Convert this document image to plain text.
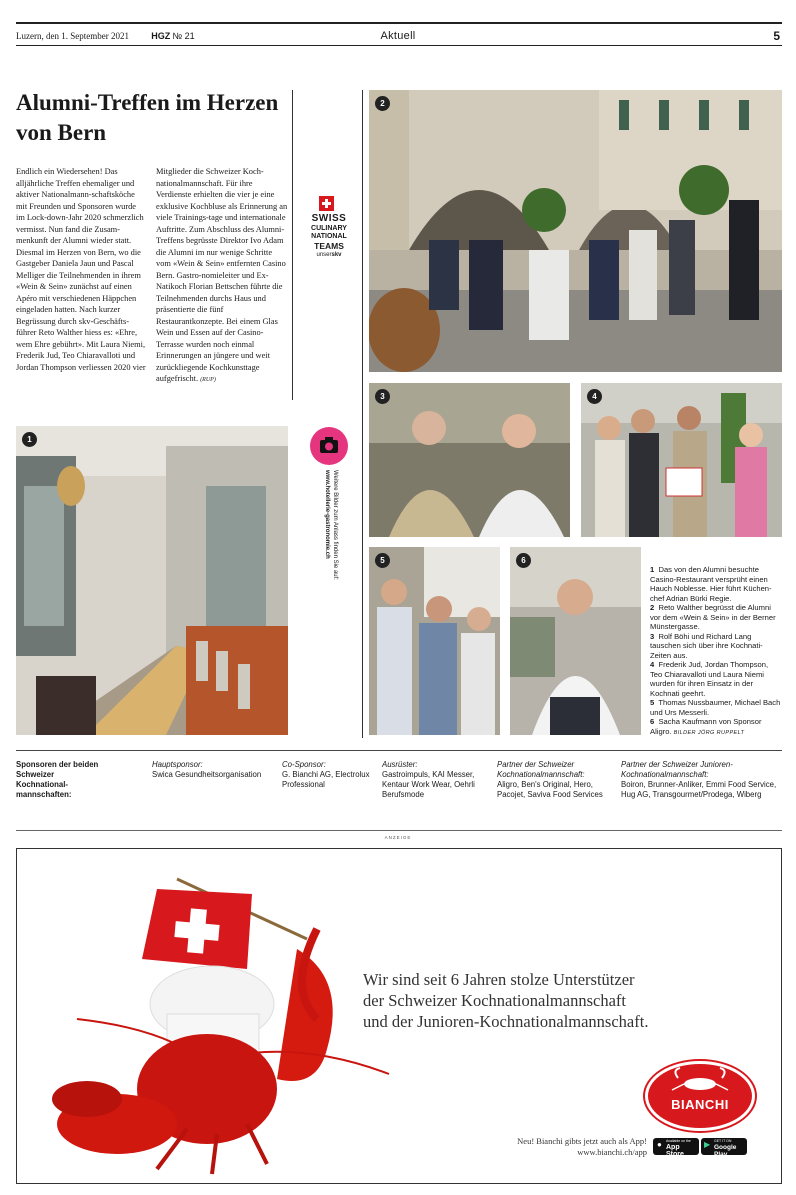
Luzern, den 1. September 2021 HGZ № 21	Aktuell	5
Alumni-Treffen im Herzen von Bern
SWISS
CULINARY
NATIONAL
TEAMS
unserskv

Endlich ein Wiedersehen! Das alljährliche Treffen ehemaliger und aktiver Nationalmann-schaftsköche mit Freunden und Sponsoren wurde im Lock-down-Jahr 2020 schmerzlich vermisst. Nun fand die Zusam-menkunft der Alumni wieder statt. Diesmal im Herzen von Bern, wo die Gastgeber Daniela Jaun und Pascal Melliger die Teilnehmenden in ihrem «Wein & Sein» zunächst auf einen Apéro mit verschiedenen Häppchen eingeladen hatten. Nach kurzer Begrüssung durch skv-Geschäfts-führer Reto Walther hiess es: «Ehre, wem Ehre gebührt». Mit Laura Niemi, Frederik Jud, Teo Chiaravalloti und Jordan Thompson verliessen 2020 vier

Mitglieder die Schweizer Koch-nationalmannschaft. Für ihre Verdienste erhielten die vier je eine exklusive Kochbluse als Erinnerung an viele Trainings-tage und internationale Auftritte. Zum Abschluss des Alumni-Treffens begrüsste Direktor Ivo Adam die Alumni im nur wenige Schritte vom «Wein & Sein» entfernten Casino Bern. Gastro-nomieleiter und Ex-Natikoch Florian Bettschen führte die Teilnehmenden durchs Haus und präsentierte die fünf Restaurantkonzepte. Bei einem Glas Wein und Essen auf der Casino-Terrasse wurden noch einmal Erinnerungen an jüngere und weit zurückliegende Kochkunsttage aufgefrischt. (RUP)

Weitere Bilder zum Anlass finden Sie auf:
www.hotellerie-gastronomie.ch
1
2
3	4
5	6

1 Das von den Alumni besuchte Casino-Restaurant versprüht einen Hauch Noblesse. Hier führt Küchen-chef Adrian Bürki Regie.

2 Reto Walther begrüsst die Alumni vor dem «Wein & Sein» in der Berner Münstergasse.

3 Rolf Böhi und Richard Lang tauschen sich über ihre Kochnati-Zeiten aus.

4 Frederik Jud, Jordan Thompson, Teo Chiaravalloti und Laura Niemi wurden für ihren Einsatz in der Kochnati geehrt.

5 Thomas Nussbaumer, Michael Bach und Urs Messerli.

6 Sacha Kaufmann von Sponsor Aligro. BILDER JÖRG RUPPELT

Sponsoren der beiden Schweizer Kochnational-mannschaften:
Hauptsponsor:
Swica Gesundheitsorganisation
Co-Sponsor:
G. Bianchi AG, Electrolux Professional
Ausrüster:
Gastroimpuls, KAI Messer, Kentaur Work Wear, Oehrli Berufsmode
Partner der Schweizer Kochnationalmannschaft:
Aligro, Ben's Original, Hero, Pacojet, Saviva Food Services
Partner der Schweizer Junioren-Kochnationalmannschaft:
Boiron, Brunner-Anliker, Emmi Food Service, Hug AG, Transgourmet/Prodega, Wiberg
ANZEIGE
Wir sind seit 6 Jahren stolze Unterstützer
der Schweizer Kochnationalmannschaft
und der Junioren-Kochnationalmannschaft.
BIANCHI
Neu! Bianchi gibts jetzt auch als App!
www.bianchi.ch/app
● Available on the
App Store
▶ GET IT ON
Google Play
